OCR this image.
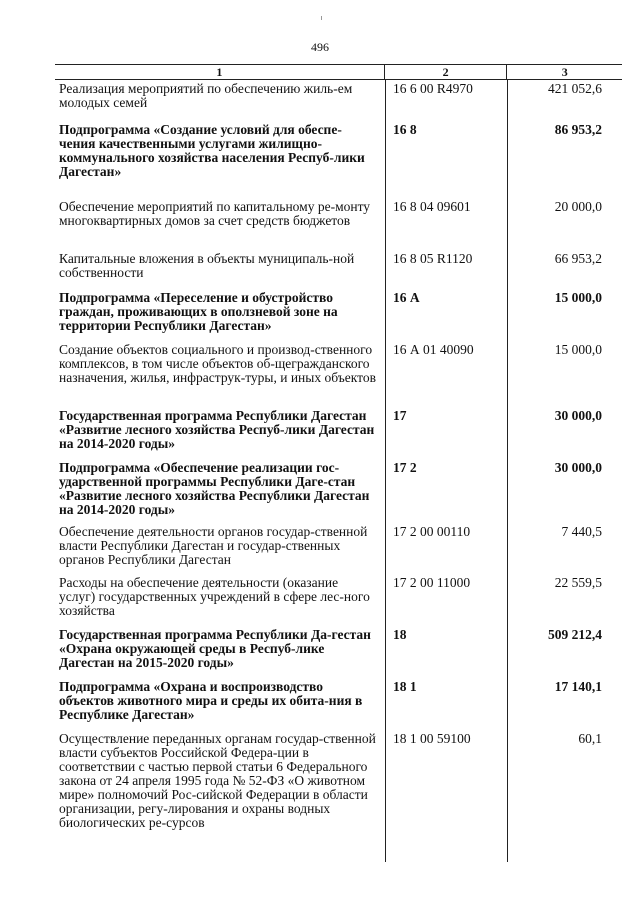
496
1	2	3
Реализация мероприятий по обеспечению жиль-ем молодых семей
16 6 00 R4970	421 052,6
Подпрограмма «Создание условий для обеспе-чения качественными услугами жилищно-коммунального хозяйства населения Респуб-лики Дагестан»
16 8	86 953,2
Обеспечение мероприятий по капитальному ре-монту многоквартирных домов за счет средств бюджетов
16 8 04 09601	20 000,0
Капитальные вложения в объекты муниципаль-ной собственности
16 8 05 R1120	66 953,2
Подпрограмма «Переселение и обустройство граждан, проживающих в оползневой зоне на территории Республики Дагестан»
16 А	15 000,0
Создание объектов социального и производ-ственного комплексов, в том числе объектов об-щегражданского назначения, жилья, инфраструк-туры, и иных объектов
16 А 01 40090	15 000,0
Государственная программа Республики Дагестан «Развитие лесного хозяйства Респуб-лики Дагестан на 2014-2020 годы»
17	30 000,0
Подпрограмма «Обеспечение реализации гос-ударственной программы Республики Даге-стан «Развитие лесного хозяйства Республики Дагестан на 2014-2020 годы»
17 2	30 000,0
Обеспечение деятельности органов государ-ственной власти Республики Дагестан и государ-ственных органов Республики Дагестан
17 2 00 00110	7 440,5
Расходы на обеспечение деятельности (оказание услуг) государственных учреждений в сфере лес-ного хозяйства
17 2 00 11000	22 559,5
Государственная программа Республики Да-гестан «Охрана окружающей среды в Респуб-лике Дагестан на 2015-2020 годы»
18	509 212,4
Подпрограмма «Охрана и воспроизводство объектов животного мира и среды их обита-ния в Республике Дагестан»
18 1	17 140,1
Осуществление переданных органам государ-ственной власти субъектов Российской Федера-ции в соответствии с частью первой статьи 6 Федерального закона от 24 апреля 1995 года № 52-ФЗ «О животном мире» полномочий Рос-сийской Федерации в области организации, регу-лирования и охраны водных биологических ре-сурсов
18 1 00 59100	60,1
